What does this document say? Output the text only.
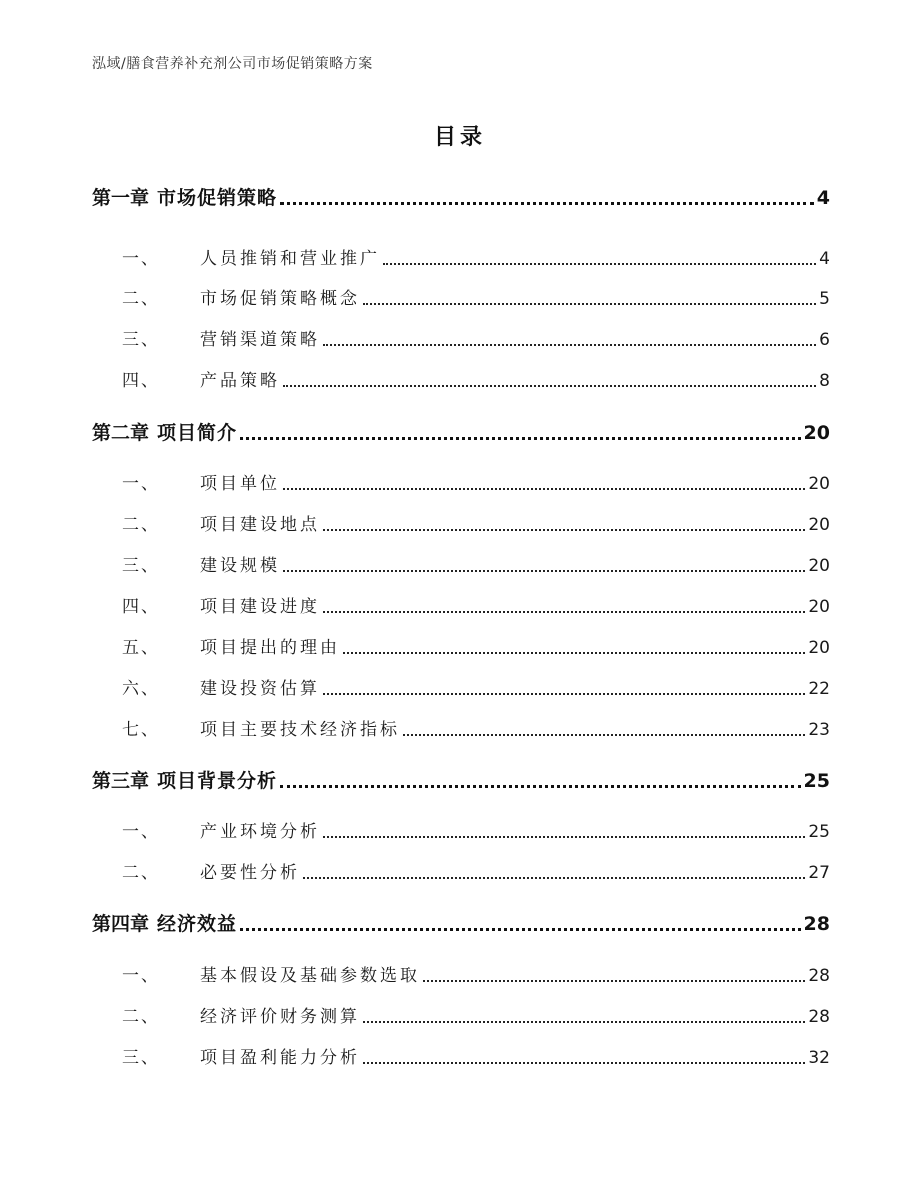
泓域/膳食营养补充剂公司市场促销策略方案
目录
第一章 市场促销策略	4
一、	人员推销和营业推广	4
二、	市场促销策略概念	5
三、	营销渠道策略	6
四、	产品策略	8
第二章 项目简介	20
一、	项目单位	20
二、	项目建设地点	20
三、	建设规模	20
四、	项目建设进度	20
五、	项目提出的理由	20
六、	建设投资估算	22
七、	项目主要技术经济指标	23
第三章 项目背景分析	25
一、	产业环境分析	25
二、	必要性分析	27
第四章 经济效益	28
一、	基本假设及基础参数选取	28
二、	经济评价财务测算	28
三、	项目盈利能力分析	32
